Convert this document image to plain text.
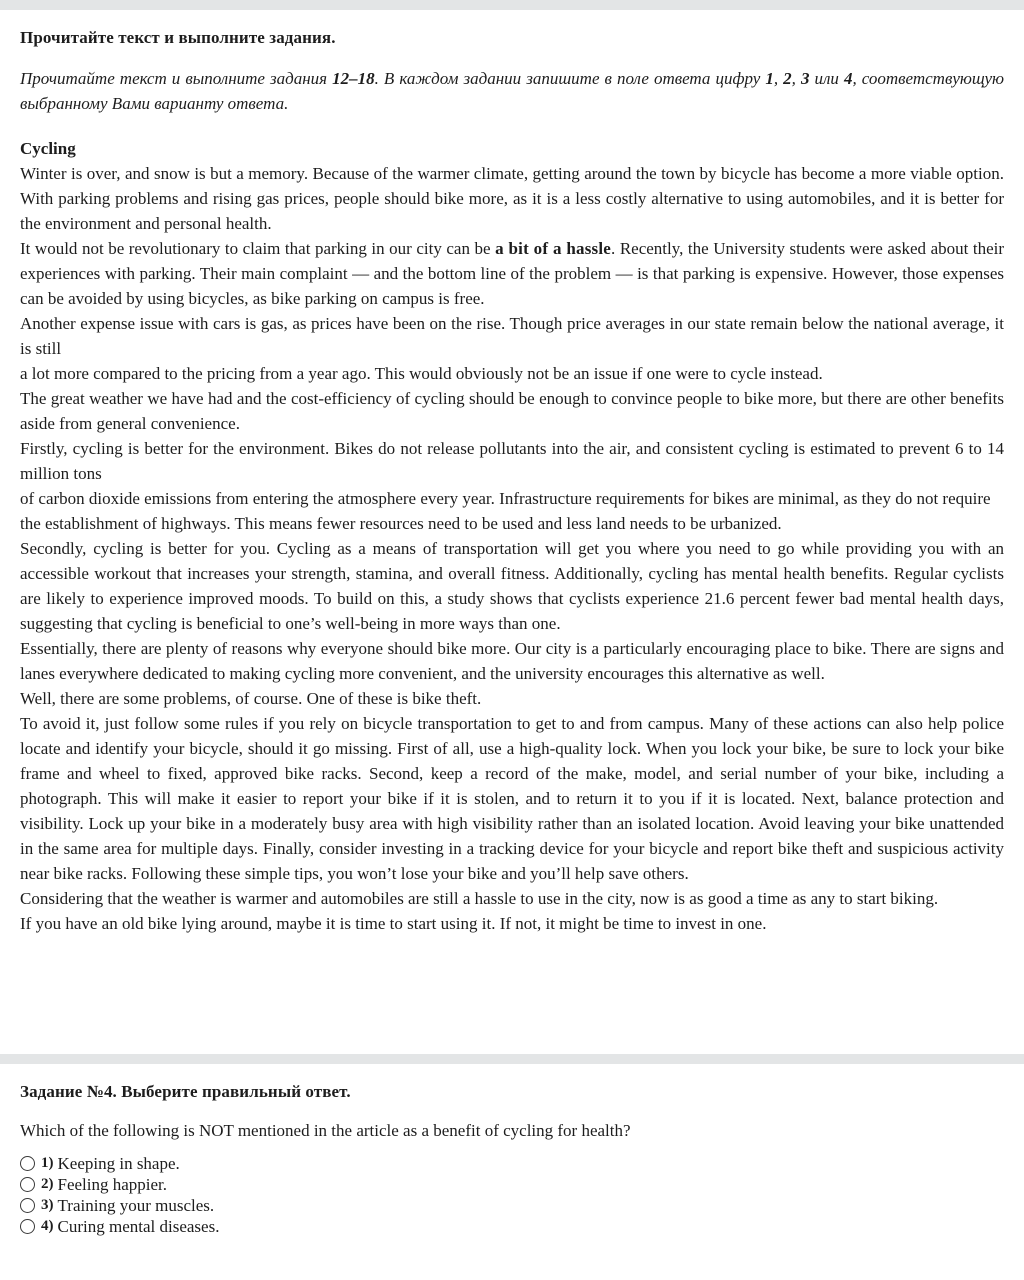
Прочитайте текст и выполните задания.

Прочитайте текст и выполните задания 12–18. В каждом задании запишите в поле ответа цифру 1, 2, 3 или 4, соответствующую выбранному Вами варианту ответа.

Cycling

Winter is over, and snow is but a memory. Because of the warmer climate, getting around the town by bicycle has become a more viable option. With parking problems and rising gas prices, people should bike more, as it is a less costly alternative to using automobiles, and it is better for the environment and personal health.

It would not be revolutionary to claim that parking in our city can be a bit of a hassle. Recently, the University students were asked about their experiences with parking. Their main complaint — and the bottom line of the problem — is that parking is expensive. However, those expenses can be avoided by using bicycles, as bike parking on campus is free.

Another expense issue with cars is gas, as prices have been on the rise. Though price averages in our state remain below the national average, it is still

a lot more compared to the pricing from a year ago. This would obviously not be an issue if one were to cycle instead.

The great weather we have had and the cost-efficiency of cycling should be enough to convince people to bike more, but there are other benefits aside from general convenience.

Firstly, cycling is better for the environment. Bikes do not release pollutants into the air, and consistent cycling is estimated to prevent 6 to 14 million tons

of carbon dioxide emissions from entering the atmosphere every year. Infrastructure requirements for bikes are minimal, as they do not require

the establishment of highways. This means fewer resources need to be used and less land needs to be urbanized.

Secondly, cycling is better for you. Cycling as a means of transportation will get you where you need to go while providing you with an accessible workout that increases your strength, stamina, and overall fitness. Additionally, cycling has mental health benefits. Regular cyclists are likely to experience improved moods. To build on this, a study shows that cyclists experience 21.6 percent fewer bad mental health days, suggesting that cycling is beneficial to one’s well-being in more ways than one.

Essentially, there are plenty of reasons why everyone should bike more. Our city is a particularly encouraging place to bike. There are signs and lanes everywhere dedicated to making cycling more convenient, and the university encourages this alternative as well.

Well, there are some problems, of course. One of these is bike theft.

To avoid it, just follow some rules if you rely on bicycle transportation to get to and from campus. Many of these actions can also help police locate and identify your bicycle, should it go missing. First of all, use a high-quality lock. When you lock your bike, be sure to lock your bike frame and wheel to fixed, approved bike racks. Second, keep a record of the make, model, and serial number of your bike, including a photograph. This will make it easier to report your bike if it is stolen, and to return it to you if it is located. Next, balance protection and visibility. Lock up your bike in a moderately busy area with high visibility rather than an isolated location. Avoid leaving your bike unattended in the same area for multiple days. Finally, consider investing in a tracking device for your bicycle and report bike theft and suspicious activity near bike racks. Following these simple tips, you won’t lose your bike and you’ll help save others.

Considering that the weather is warmer and automobiles are still a hassle to use in the city, now is as good a time as any to start biking.

If you have an old bike lying around, maybe it is time to start using it. If not, it might be time to invest in one.

Задание №4. Выберите правильный ответ.

Which of the following is NOT mentioned in the article as a benefit of cycling for health?

1) Keeping in shape.
2) Feeling happier.
3) Training your muscles.
4) Curing mental diseases.
